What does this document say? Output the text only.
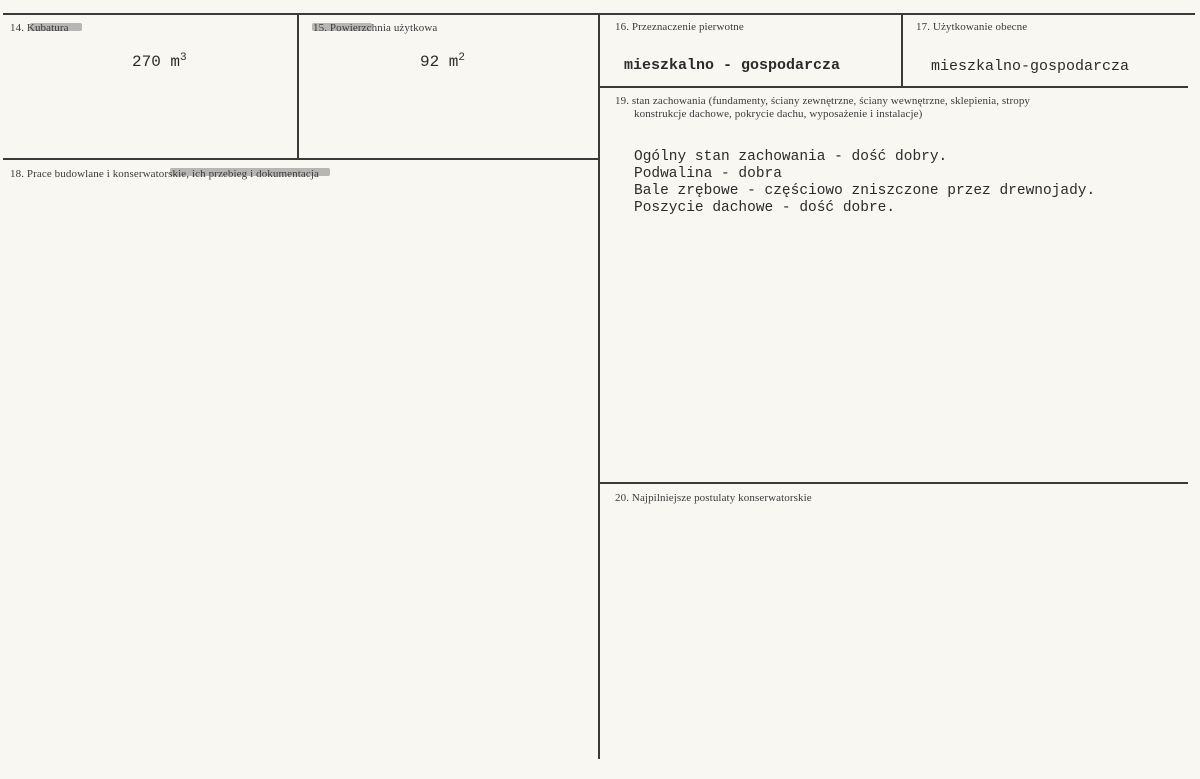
14. Kubatura
270 $m^3$
15. Powierzchnia użytkowa
92 $m^2$
16. Przeznaczenie pierwotne
mieszkalno - gospodarcza
17. Użytkowanie obecne
mieszkalno-gospodarcza
18. Prace budowlane i konserwatorskie, ich przebieg i dokumentacja
19. stan zachowania (fundamenty, ściany zewnętrzne, ściany wewnętrzne, sklepienia, stropy
konstrukcje dachowe, pokrycie dachu, wyposażenie i instalacje)
Ogólny stan zachowania - dość dobry.
Podwalina - dobra
Bale zrębowe - częściowo zniszczone przez drewnojady.
Poszycie dachowe - dość dobre.
20. Najpilniejsze postulaty konserwatorskie
